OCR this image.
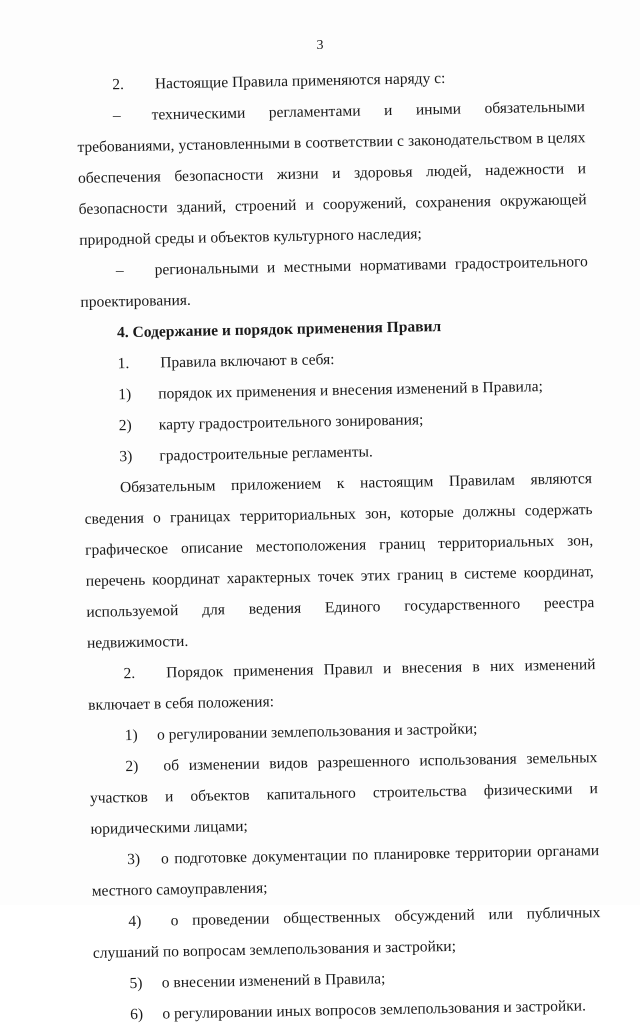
3

2.  Настоящие Правила применяются наряду с:

–  техническими регламентами и иными обязательными требованиями, установленными в соответствии с законодательством в целях обеспечения безопасности жизни и здоровья людей, надежности и безопасности зданий, строений и сооружений, сохранения окружающей природной среды и объектов культурного наследия;

–  региональными и местными нормативами градостроительного проектирования.

4. Содержание и порядок применения Правил

1.  Правила включают в себя:

1)	порядок их применения и внесения изменений в Правила;
2)	карту градостроительного зонирования;
3)	градостроительные регламенты.

Обязательным приложением к настоящим Правилам являются сведения о границах территориальных зон, которые должны содержать графическое описание местоположения границ территориальных зон, перечень координат характерных точек этих границ в системе координат, используемой для ведения Единого государственного реестра недвижимости.

2.  Порядок применения Правил и внесения в них изменений включает в себя положения:

1)  о регулировании землепользования и застройки;

2)  об изменении видов разрешенного использования земельных участков и объектов капитального строительства физическими и юридическими лицами;

3)  о подготовке документации по планировке территории органами местного самоуправления;

4)  о проведении общественных обсуждений или публичных слушаний по вопросам землепользования и застройки;

5)  о внесении изменений в Правила;

6)  о регулировании иных вопросов землепользования и застройки.
